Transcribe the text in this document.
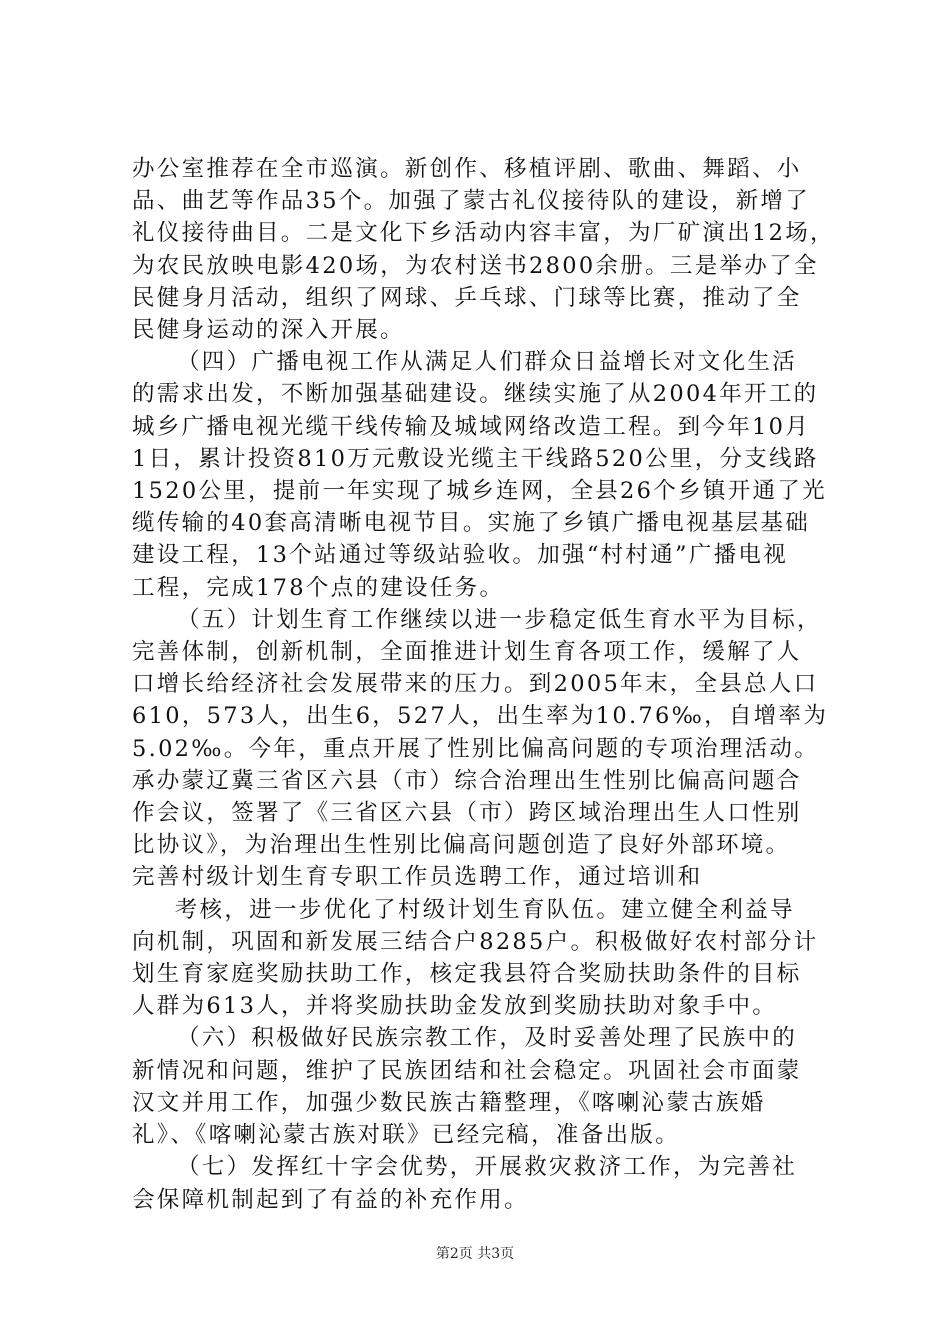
办公室推荐在全市巡演。新创作、移植评剧、歌曲、舞蹈、小
品、曲艺等作品35个。加强了蒙古礼仪接待队的建设，新增了
礼仪接待曲目。二是文化下乡活动内容丰富，为厂矿演出12场，
为农民放映电影420场，为农村送书2800余册。三是举办了全
民健身月活动，组织了网球、乒乓球、门球等比赛，推动了全
民健身运动的深入开展。

（四）广播电视工作从满足人们群众日益增长对文化生活
的需求出发，不断加强基础建设。继续实施了从2004年开工的
城乡广播电视光缆干线传输及城域网络改造工程。到今年10月
1日，累计投资810万元敷设光缆主干线路520公里，分支线路
1520公里，提前一年实现了城乡连网，全县26个乡镇开通了光
缆传输的40套高清晰电视节目。实施了乡镇广播电视基层基础
建设工程，13个站通过等级站验收。加强“村村通”广播电视
工程，完成178个点的建设任务。

（五）计划生育工作继续以进一步稳定低生育水平为目标，
完善体制，创新机制，全面推进计划生育各项工作，缓解了人
口增长给经济社会发展带来的压力。到2005年末，全县总人口
610，573人，出生6，527人，出生率为10.76‰，自增率为
5.02‰。今年，重点开展了性别比偏高问题的专项治理活动。
承办蒙辽冀三省区六县（市）综合治理出生性别比偏高问题合
作会议，签署了《三省区六县（市）跨区域治理出生人口性别
比协议》，为治理出生性别比偏高问题创造了良好外部环境。
完善村级计划生育专职工作员选聘工作，通过培训和

考核，进一步优化了村级计划生育队伍。建立健全利益导
向机制，巩固和新发展三结合户8285户。积极做好农村部分计
划生育家庭奖励扶助工作，核定我县符合奖励扶助条件的目标
人群为613人，并将奖励扶助金发放到奖励扶助对象手中。

（六）积极做好民族宗教工作，及时妥善处理了民族中的
新情况和问题，维护了民族团结和社会稳定。巩固社会市面蒙
汉文并用工作，加强少数民族古籍整理，《喀喇沁蒙古族婚
礼》、《喀喇沁蒙古族对联》已经完稿，准备出版。

（七）发挥红十字会优势，开展救灾救济工作，为完善社
会保障机制起到了有益的补充作用。

第2页 共3页
